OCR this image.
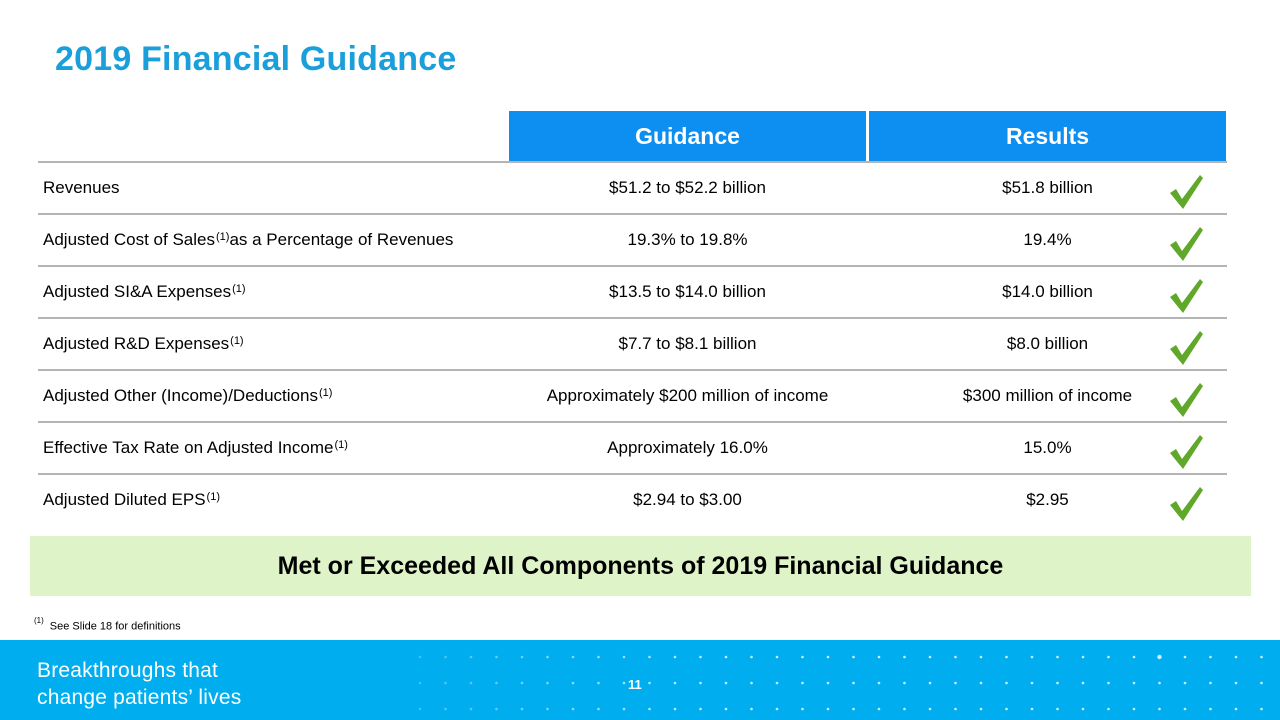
2019 Financial Guidance
Guidance	Results
Revenues	$51.2 to $52.2 billion	$51.8 billion
Adjusted Cost of Sales$^{(1)}$ as a Percentage of Revenues	19.3% to 19.8%	19.4%
Adjusted SI&A Expenses$^{(1)}$	$13.5 to $14.0 billion	$14.0 billion
Adjusted R&D Expenses$^{(1)}$	$7.7 to $8.1 billion	$8.0 billion
Adjusted Other (Income)/Deductions$^{(1)}$	Approximately $200 million of income	$300 million of income
Effective Tax Rate on Adjusted Income$^{(1)}$	Approximately 16.0%	15.0%
Adjusted Diluted EPS$^{(1)}$	$2.94 to $3.00	$2.95
Met or Exceeded All Components of 2019 Financial Guidance
$^{(1)}$See Slide 18 for definitions
Breakthroughs that
change patients’ lives
11
